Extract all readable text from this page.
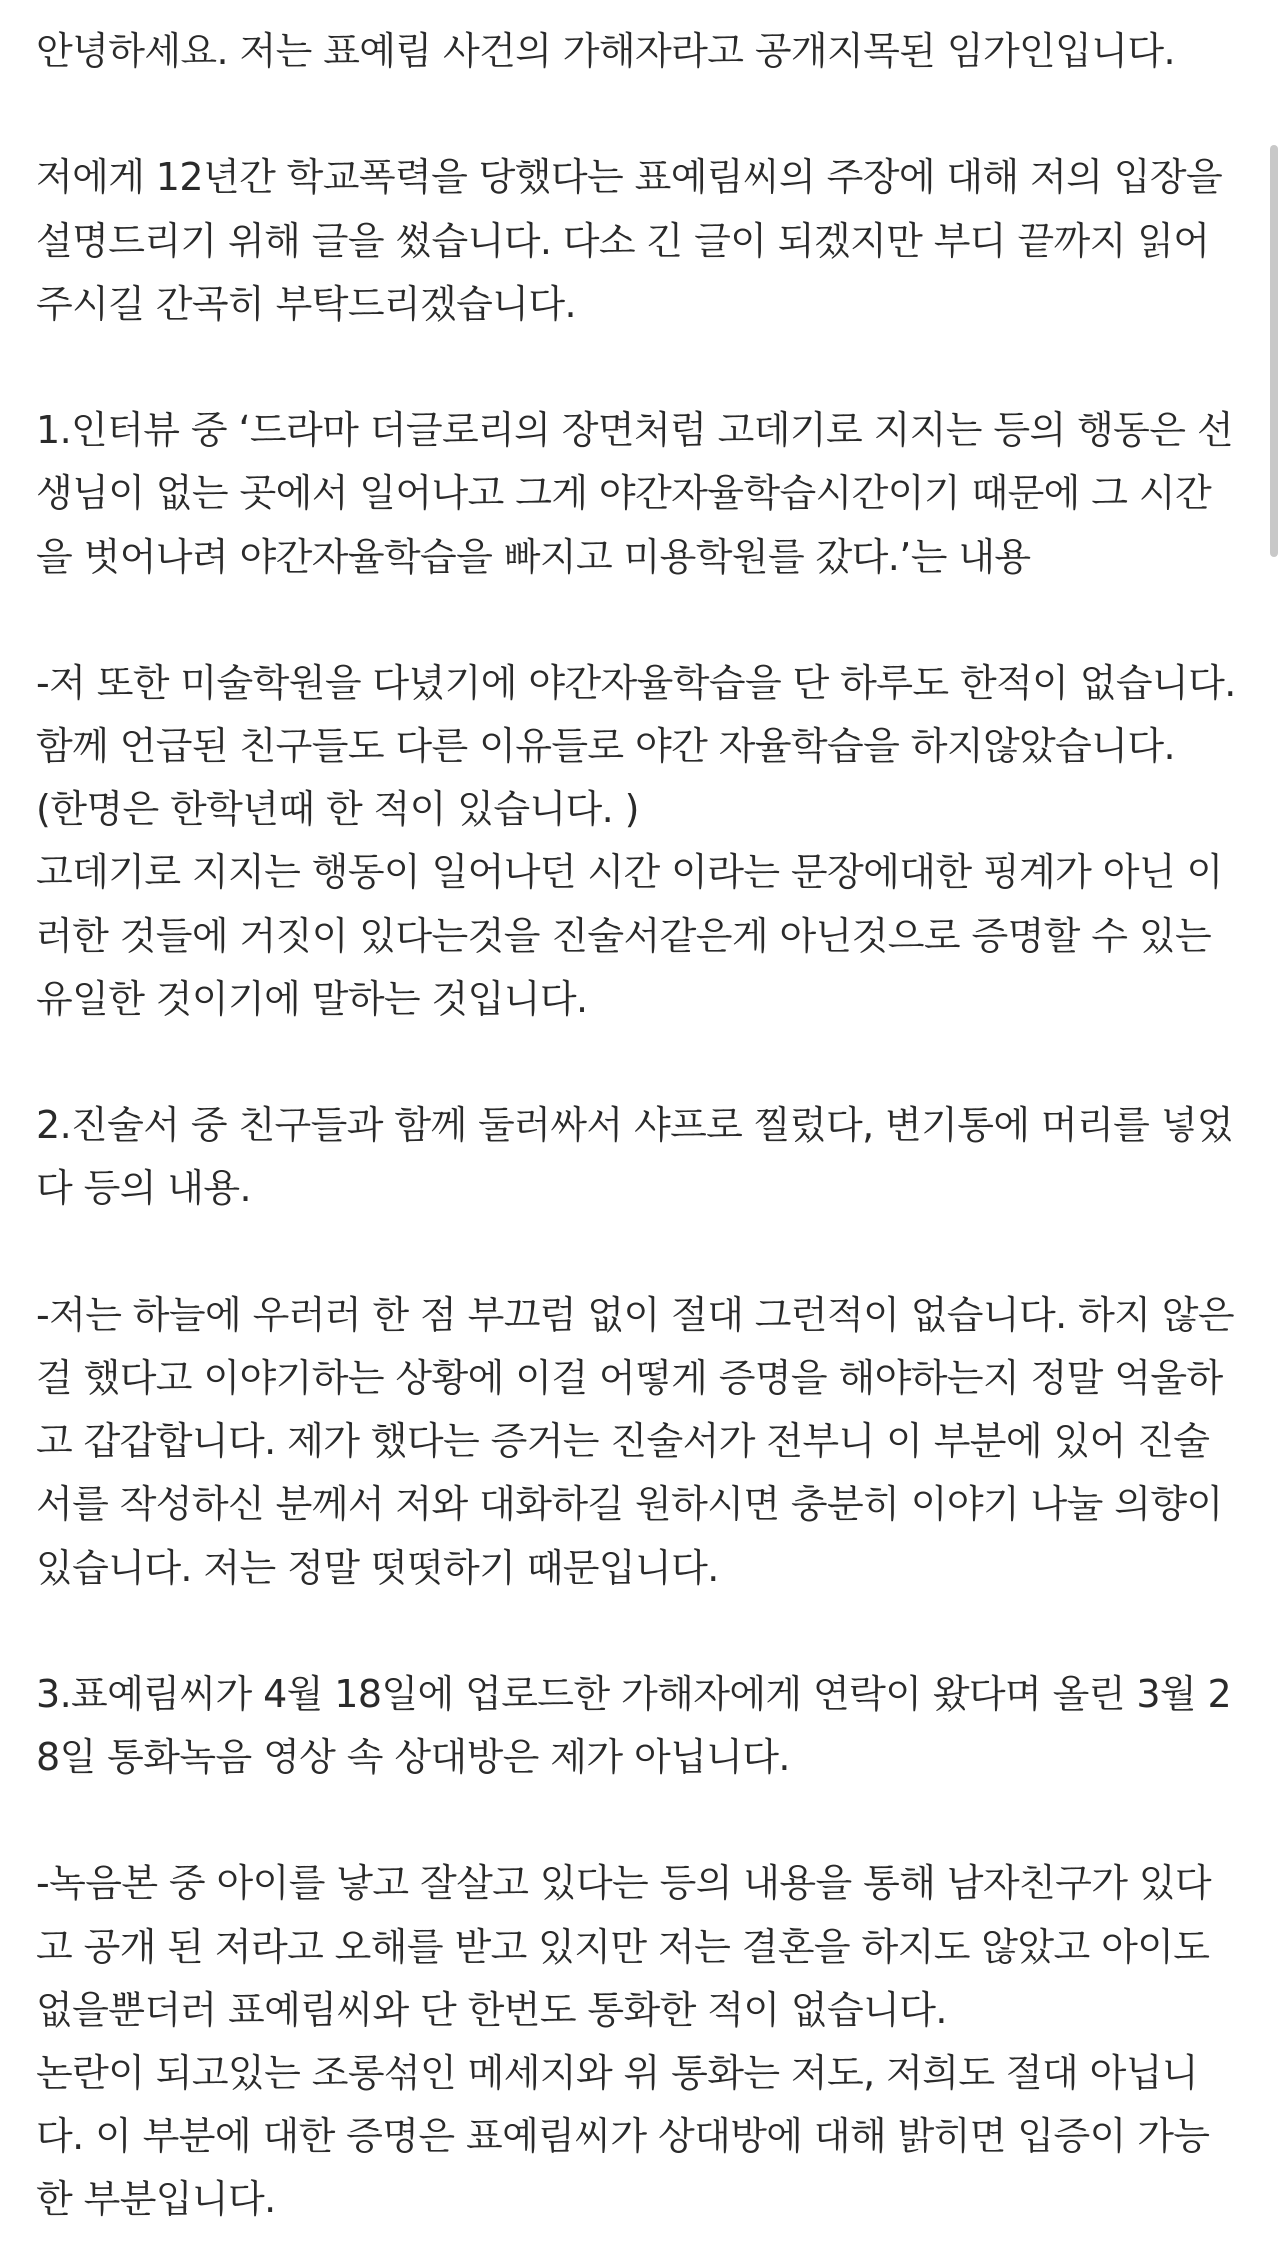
안녕하세요. 저는 표예림 사건의 가해자라고 공개지목된 임가인입니다.
저에게 12년간 학교폭력을 당했다는 표예림씨의 주장에 대해 저의 입장을
설명드리기 위해 글을 썼습니다. 다소 긴 글이 되겠지만 부디 끝까지 읽어
주시길 간곡히 부탁드리겠습니다.
1.인터뷰 중 ‘드라마 더글로리의 장면처럼 고데기로 지지는 등의 행동은 선
생님이 없는 곳에서 일어나고 그게 야간자율학습시간이기 때문에 그 시간
을 벗어나려 야간자율학습을 빠지고 미용학원를 갔다.’는 내용
-저 또한 미술학원을 다녔기에 야간자율학습을 단 하루도 한적이 없습니다.
함께 언급된 친구들도 다른 이유들로 야간 자율학습을 하지않았습니다.
(한명은 한학년때 한 적이 있습니다. )
고데기로 지지는 행동이 일어나던 시간 이라는 문장에대한 핑계가 아닌 이
러한 것들에 거짓이 있다는것을 진술서같은게 아닌것으로 증명할 수 있는
유일한 것이기에 말하는 것입니다.
2.진술서 중 친구들과 함께 둘러싸서 샤프로 찔렀다, 변기통에 머리를 넣었
다 등의 내용.
-저는 하늘에 우러러 한 점 부끄럼 없이 절대 그런적이 없습니다. 하지 않은
걸 했다고 이야기하는 상황에 이걸 어떻게 증명을 해야하는지 정말 억울하
고 갑갑합니다. 제가 했다는 증거는 진술서가 전부니 이 부분에 있어 진술
서를 작성하신 분께서 저와 대화하길 원하시면 충분히 이야기 나눌 의향이
있습니다. 저는 정말 떳떳하기 때문입니다.
3.표예림씨가 4월 18일에 업로드한 가해자에게 연락이 왔다며 올린 3월 2
8일 통화녹음 영상 속 상대방은 제가 아닙니다.
-녹음본 중 아이를 낳고 잘살고 있다는 등의 내용을 통해 남자친구가 있다
고 공개 된 저라고 오해를 받고 있지만 저는 결혼을 하지도 않았고 아이도
없을뿐더러 표예림씨와 단 한번도 통화한 적이 없습니다.
논란이 되고있는 조롱섞인 메세지와 위 통화는 저도, 저희도 절대 아닙니
다. 이 부분에 대한 증명은 표예림씨가 상대방에 대해 밝히면 입증이 가능
한 부분입니다.
